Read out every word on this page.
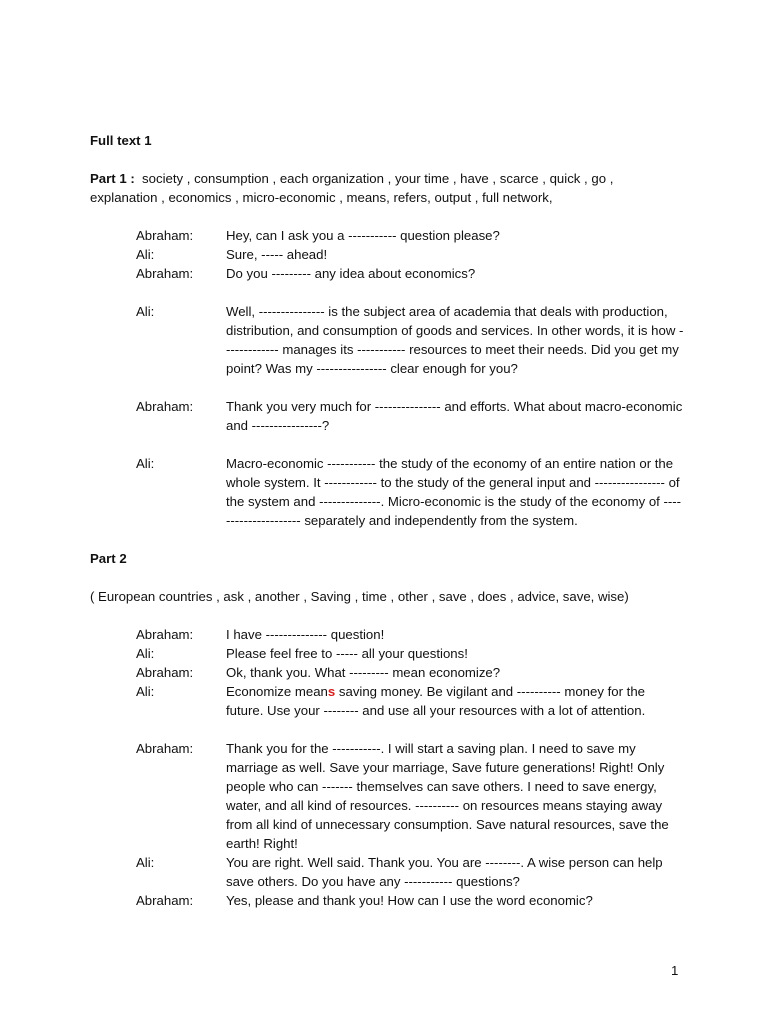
Full text 1
Part 1 : society , consumption , each organization , your time , have , scarce , quick , go ,
explanation , economics , micro-economic , means, refers, output , full network,
Abraham:	Hey, can I ask you a ----------- question please?
Ali:	Sure, ----- ahead!
Abraham:	Do you --------- any idea about economics?
Ali:	Well, --------------- is the subject area of academia that deals with production, distribution, and consumption of goods and services. In other words, it is how ------------- manages its ----------- resources to meet their needs. Did you get my point? Was my ---------------- clear enough for you?
Abraham:	Thank you very much for --------------- and efforts. What about macro-economic and ----------------?
Ali:	Macro-economic ----------- the study of the economy of an entire nation or the whole system. It ------------ to the study of the general input and ---------------- of the system and --------------. Micro-economic is the study of the economy of --------------------- separately and independently from the system.
Part 2
( European countries , ask , another , Saving , time , other , save , does , advice, save, wise)
Abraham:	I have -------------- question!
Ali:	Please feel free to ----- all your questions!
Abraham:	Ok, thank you. What --------- mean economize?
Ali:	Economize means saving money. Be vigilant and ---------- money for the future. Use your -------- and use all your resources with a lot of attention.
Abraham:	Thank you for the -----------. I will start a saving plan. I need to save my marriage as well. Save your marriage, Save future generations! Right! Only people who can ------- themselves can save others. I need to save energy, water, and all kind of resources. ---------- on resources means staying away from all kind of unnecessary consumption. Save natural resources, save the earth! Right!
Ali:	You are right. Well said. Thank you. You are --------. A wise person can help save others. Do you have any ----------- questions?
Abraham:	Yes, please and thank you! How can I use the word economic?
1
